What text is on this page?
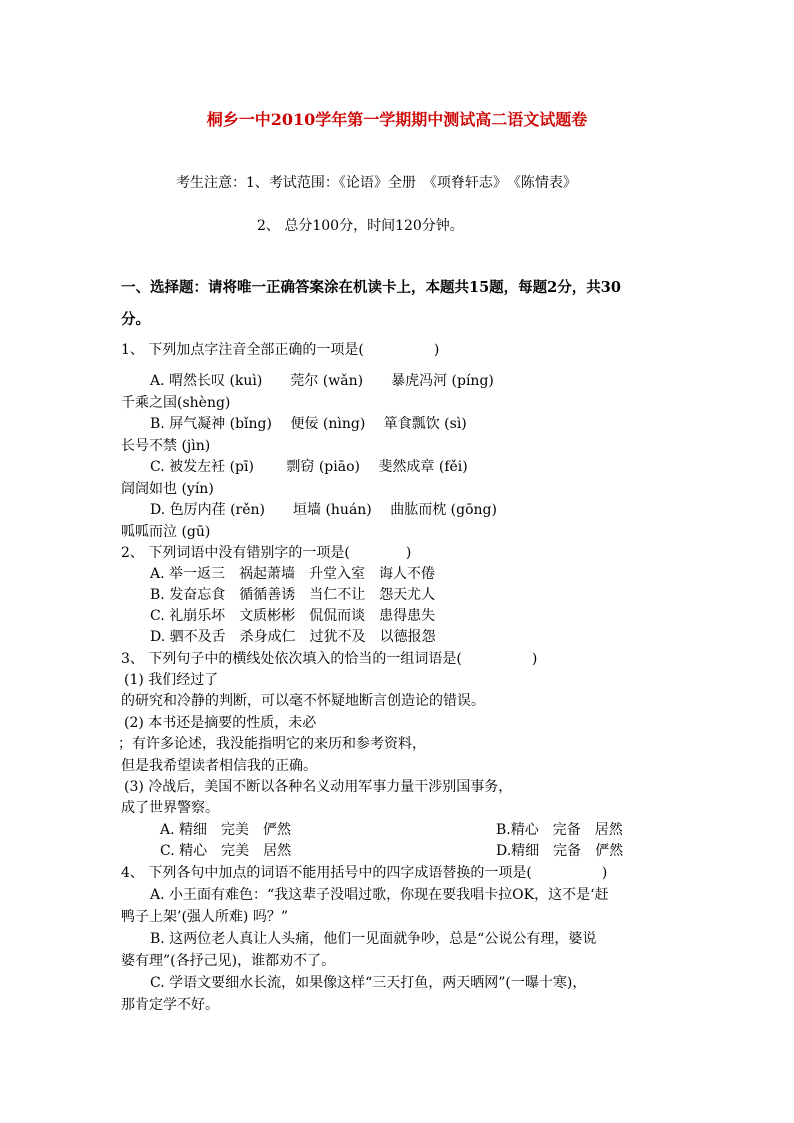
桐乡一中2010学年第一学期期中测试高二语文试题卷
考生注意：1、考试范围：《论语》全册　《项脊轩志》　《陈情表》
2、 总分100分，时间120分钟。
一、选择题：请将唯一正确答案涂在机读卡上，本题共15题，每题2分，共30
分。
1、 下列加点字注音全部正确的一项是(　　　　　)
A. 喟然长叹 (kuì)　　莞尔 (wǎn)　　暴虎冯河 (píng)
千乘之国(shèng)
B. 屏气凝神 (bǐng)　 便佞 (nìng)　 箪食瓢饮 (sì)
长号不禁 (jìn)
C. 被发左衽 (pī)　　 剽窃 (piāo)　 斐然成章 (fěi)
訚訚如也 (yín)
D. 色厉内荏 (rěn)　　垣墙 (huán)　 曲肱而枕 (gōng)
呱呱而泣 (gū)
2、 下列词语中没有错别字的一项是(　　　　)
A. 举一返三　祸起萧墙　升堂入室　诲人不倦
B. 发奋忘食　循循善诱　当仁不让　怨天尤人
C. 礼崩乐坏　文质彬彬　侃侃而谈　患得患失
D. 驷不及舌　杀身成仁　过犹不及　以德报怨
3、 下列句子中的横线处依次填入的恰当的一组词语是(　　　　　)
(1) 我们经过了
的研究和冷静的判断，可以毫不怀疑地断言创造论的错误。
(2) 本书还是摘要的性质，未必
；有许多论述，我没能指明它的来历和参考资料，
但是我希望读者相信我的正确。
(3) 冷战后，美国不断以各种名义动用军事力量干涉别国事务，
成了世界警察。
A. 精细　完美　俨然	B.精心　完备　居然
C. 精心　完美　居然	D.精细　完备　俨然
4、 下列各句中加点的词语不能用括号中的四字成语替换的一项是(　　　　　)
A. 小王面有难色：“我这辈子没唱过歌，你现在要我唱卡拉OK，这不是‘赶
鸭子上架’(强人所难) 吗？”
B. 这两位老人真让人头痛，他们一见面就争吵，总是“公说公有理，婆说
婆有理”(各抒己见)，谁都劝不了。
C. 学语文要细水长流，如果像这样“三天打鱼，两天晒网”(一曝十寒)，
那肯定学不好。
